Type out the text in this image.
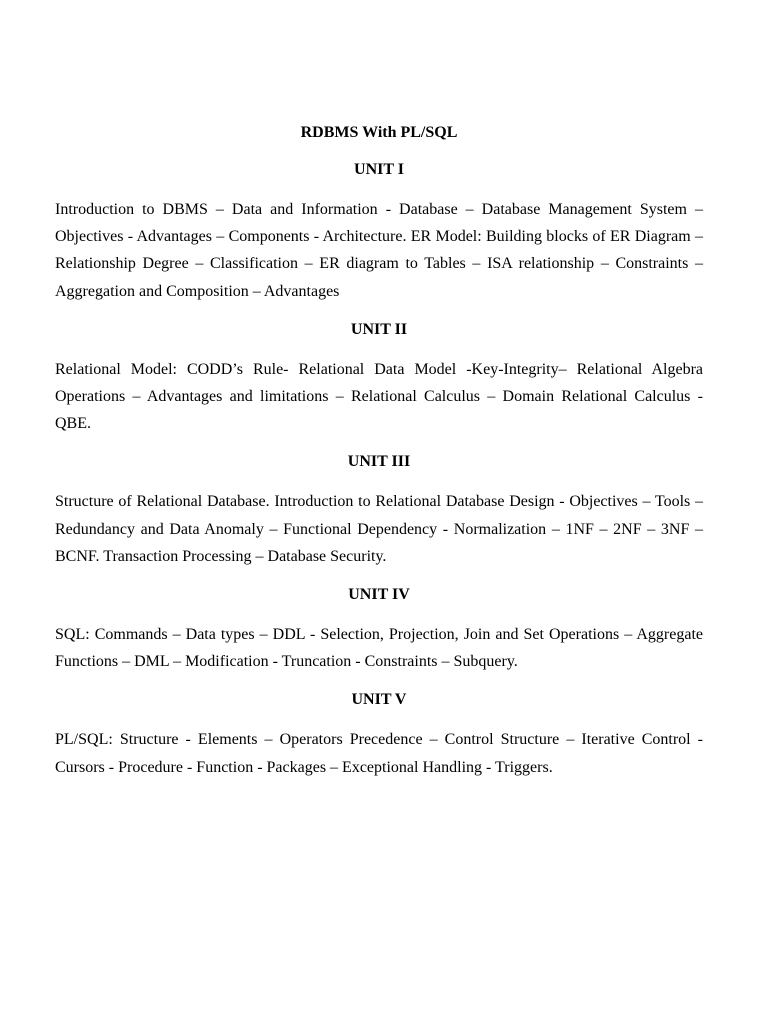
RDBMS With PL/SQL

UNIT I

Introduction to DBMS – Data and Information - Database – Database Management System – Objectives - Advantages – Components - Architecture. ER Model: Building blocks of ER Diagram – Relationship Degree – Classification – ER diagram to Tables – ISA relationship – Constraints – Aggregation and Composition – Advantages

UNIT II

Relational Model: CODD’s Rule- Relational Data Model -Key-Integrity– Relational Algebra Operations – Advantages and limitations – Relational Calculus – Domain Relational Calculus - QBE.

UNIT III

Structure of Relational Database. Introduction to Relational Database Design - Objectives – Tools – Redundancy and Data Anomaly – Functional Dependency - Normalization – 1NF – 2NF – 3NF – BCNF. Transaction Processing – Database Security.

UNIT IV

SQL: Commands – Data types – DDL - Selection, Projection, Join and Set Operations – Aggregate Functions – DML – Modification - Truncation - Constraints – Subquery.

UNIT V

PL/SQL: Structure - Elements – Operators Precedence – Control Structure – Iterative Control - Cursors - Procedure - Function - Packages – Exceptional Handling - Triggers.
